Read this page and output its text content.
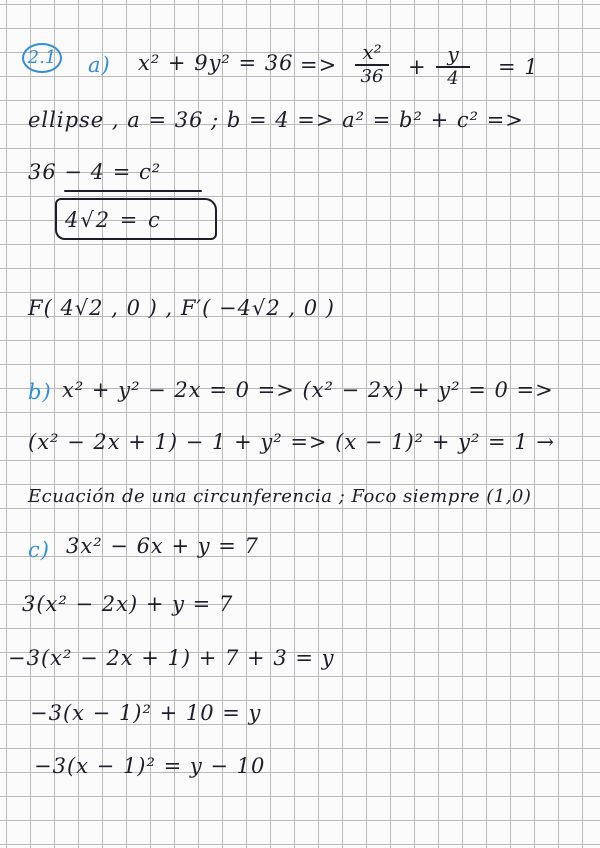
2.1 a) x² + 9y² = 36 =>
x²
36 +
y
4 = 1
ellipse , a = 36 ; b = 4 => a² = b² + c² =>
36 − 4 = c²
4√2 = c
F( 4√2 , 0 ) , F′( −4√2 , 0 )
b) x² + y² − 2x = 0 => (x² − 2x) + y² = 0 =>
(x² − 2x + 1) − 1 + y² => (x − 1)² + y² = 1 →
Ecuación de una circunferencia ; Foco siempre (1,0)
c) 3x² − 6x + y = 7
3(x² − 2x) + y = 7
−3(x² − 2x + 1) + 7 + 3 = y
−3(x − 1)² + 10 = y
−3(x − 1)² = y − 10
